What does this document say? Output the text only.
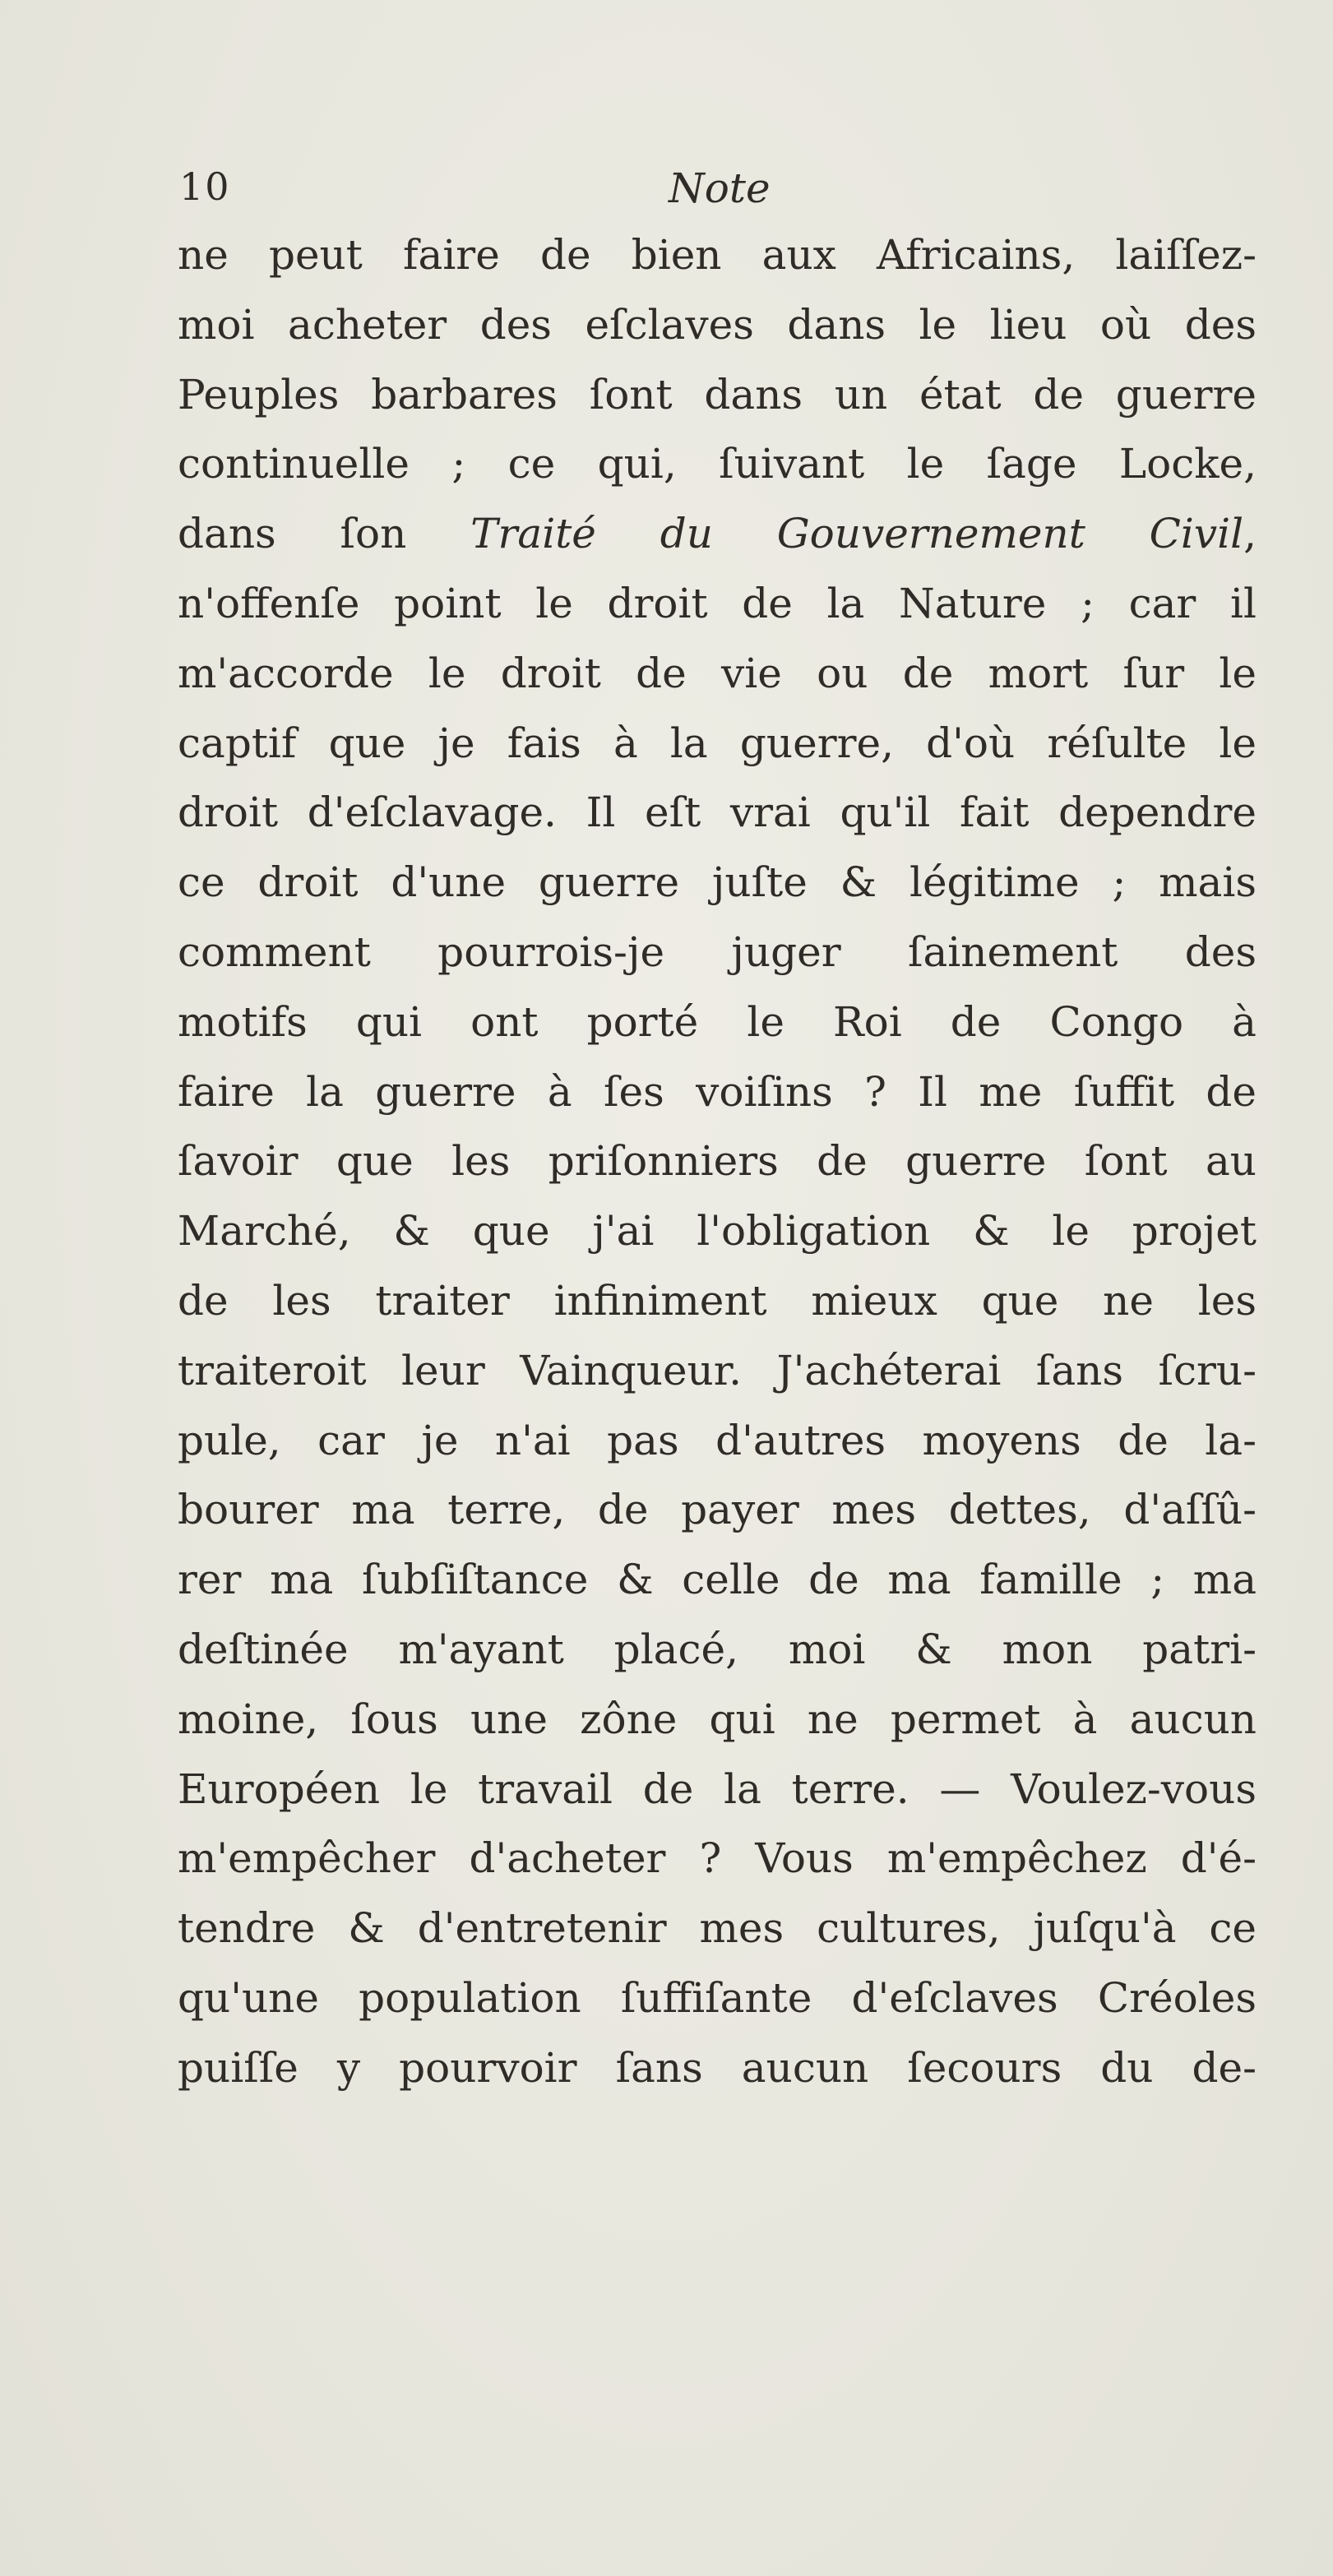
10	Note
ne peut faire de bien aux Africains, laiſſez-
moi acheter des eſclaves dans le lieu où des
Peuples barbares ſont dans un état de guerre
continuelle ; ce qui, ſuivant le ſage Locke,
dans ſon Traité du Gouvernement Civil,
n'offenſe point le droit de la Nature ; car il
m'accorde le droit de vie ou de mort ſur le
captif que je fais à la guerre, d'où réſulte le
droit d'eſclavage. Il eſt vrai qu'il fait dependre
ce droit d'une guerre juſte & légitime ; mais
comment pourrois-je juger ſainement des
motifs qui ont porté le Roi de Congo à
faire la guerre à ſes voiſins ? Il me ſuffit de
ſavoir que les priſonniers de guerre ſont au
Marché, & que j'ai l'obligation & le projet
de les traiter infiniment mieux que ne les
traiteroit leur Vainqueur. J'achéterai ſans ſcru-
pule, car je n'ai pas d'autres moyens de la-
bourer ma terre, de payer mes dettes, d'aſſû-
rer ma ſubſiſtance & celle de ma famille ; ma
deſtinée m'ayant placé, moi & mon patri-
moine, ſous une zône qui ne permet à aucun
Européen le travail de la terre. — Voulez-vous
m'empêcher d'acheter ? Vous m'empêchez d'é-
tendre & d'entretenir mes cultures, juſqu'à ce
qu'une population ſuffiſante d'eſclaves Créoles
puiſſe y pourvoir ſans aucun ſecours du de-
